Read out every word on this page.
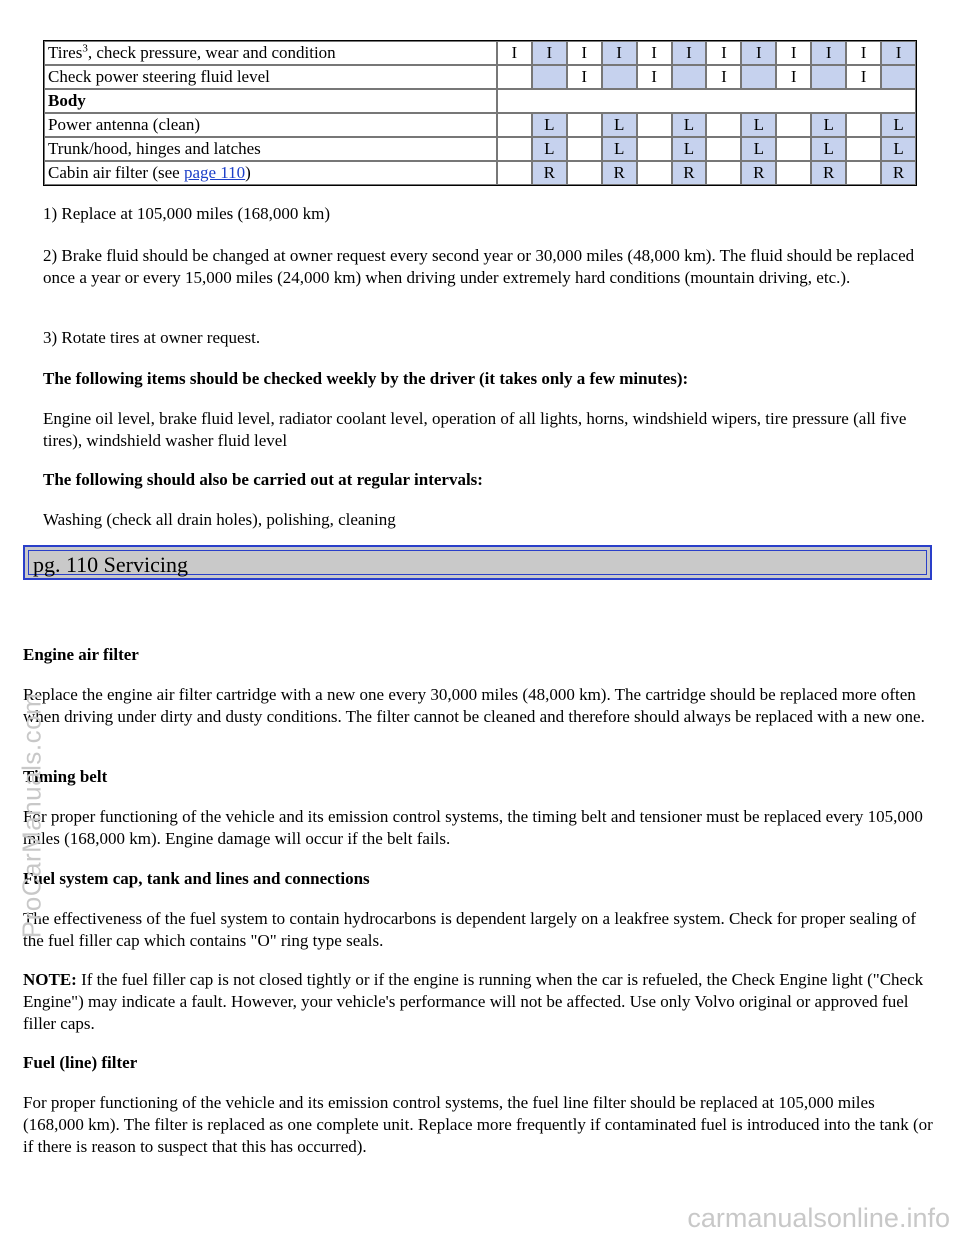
Tires$^3$, check pressure, wear and condition	I	I	I	I	I	I	I	I	I	I	I	I
Check power steering fluid level			I		I		I		I		I	
Body												
Power antenna (clean)		L		L		L		L		L		L
Trunk/hood, hinges and latches		L		L		L		L		L		L
Cabin air filter (see page 110)		R		R		R		R		R		R

1) Replace at 105,000 miles (168,000 km)

2) Brake fluid should be changed at owner request every second year or 30,000 miles (48,000 km). The fluid should be replaced once a year or every 15,000 miles (24,000 km) when driving under extremely hard conditions (mountain driving, etc.).

3) Rotate tires at owner request.

The following items should be checked weekly by the driver (it takes only a few minutes):

Engine oil level, brake fluid level, radiator coolant level, operation of all lights, horns, windshield wipers, tire pressure (all five tires), windshield washer fluid level

The following should also be carried out at regular intervals:

Washing (check all drain holes), polishing, cleaning

pg. 110 Servicing

Engine air filter

Replace the engine air filter cartridge with a new one every 30,000 miles (48,000 km). The cartridge should be replaced more often when driving under dirty and dusty conditions. The filter cannot be cleaned and therefore should always be replaced with a new one.

Timing belt

For proper functioning of the vehicle and its emission control systems, the timing belt and tensioner must be replaced every 105,000 miles (168,000 km). Engine damage will occur if the belt fails.

Fuel system cap, tank and lines and connections

The effectiveness of the fuel system to contain hydrocarbons is dependent largely on a leakfree system. Check for proper sealing of the fuel filler cap which contains "O" ring type seals.

NOTE: If the fuel filler cap is not closed tightly or if the engine is running when the car is refueled, the Check Engine light ("Check Engine") may indicate a fault. However, your vehicle's performance will not be affected. Use only Volvo original or approved fuel filler caps.

Fuel (line) filter

For proper functioning of the vehicle and its emission control systems, the fuel line filter should be replaced at 105,000 miles (168,000 km). The filter is replaced as one complete unit. Replace more frequently if contaminated fuel is introduced into the tank (or if there is reason to suspect that this has occurred).

ProCarManuals.com
carmanualsonline.info
